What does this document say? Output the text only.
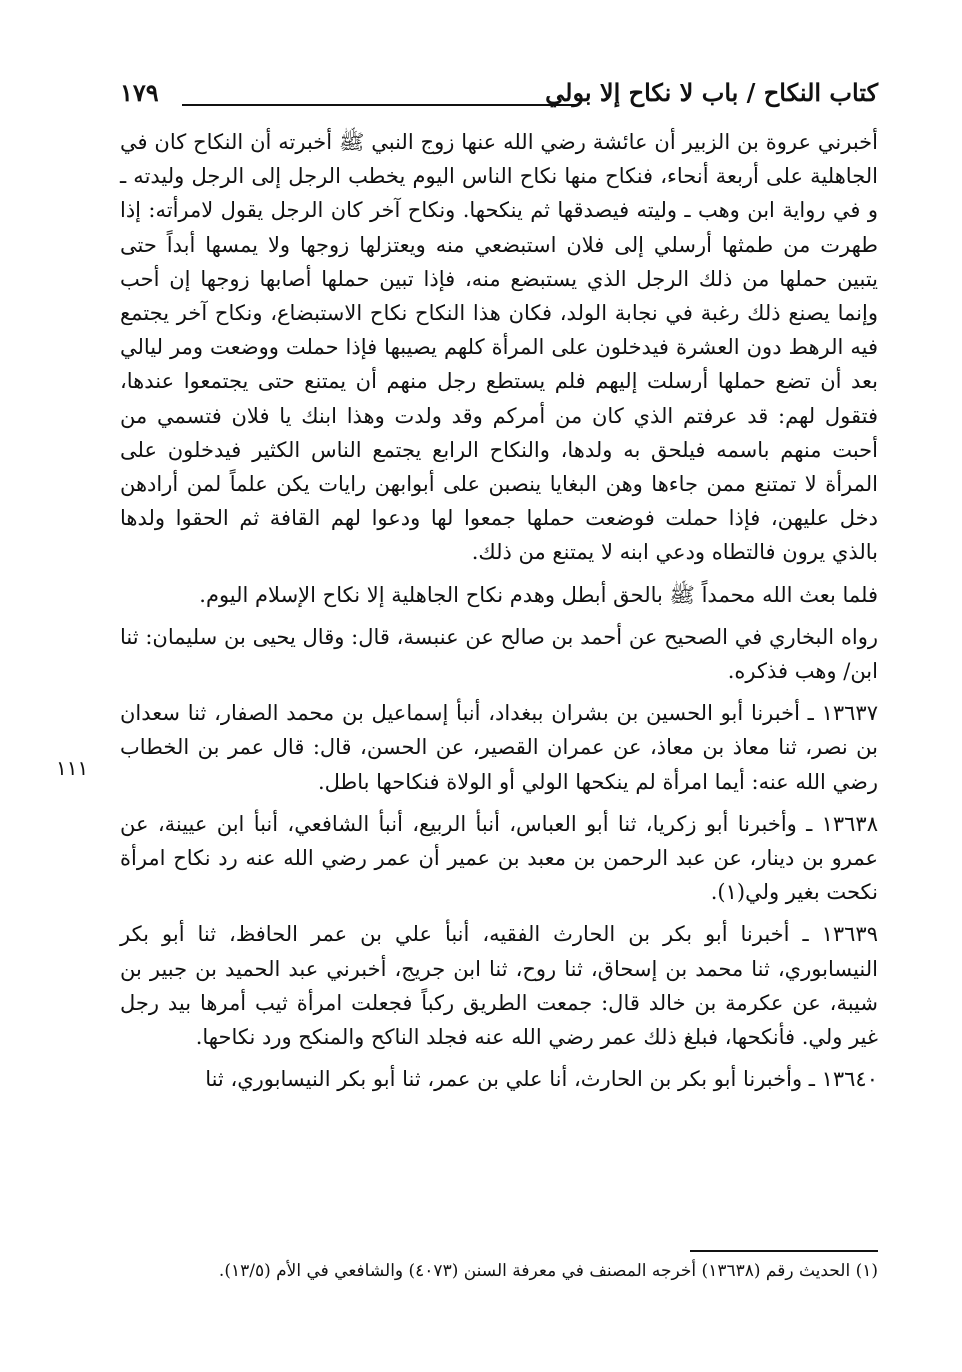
كتاب النكاح / باب لا نكاح إلا بولي
١٧٩
١١١

أخبرني عروة بن الزبير أن عائشة رضي الله عنها زوج النبي ﷺ أخبرته أن النكاح كان في الجاهلية على أربعة أنحاء، فنكاح منها نكاح الناس اليوم يخطب الرجل إلى الرجل وليدته ـ و في رواية ابن وهب ـ وليته فيصدقها ثم ينكحها. ونكاح آخر كان الرجل يقول لامرأته: إذا طهرت من طمثها أرسلي إلى فلان استبضعي منه ويعتزلها زوجها ولا يمسها أبداً حتى يتبين حملها من ذلك الرجل الذي يستبضع منه، فإذا تبين حملها أصابها زوجها إن أحب وإنما يصنع ذلك رغبة في نجابة الولد، فكان هذا النكاح نكاح الاستبضاع، ونكاح آخر يجتمع فيه الرهط دون العشرة فيدخلون على المرأة كلهم يصيبها فإذا حملت ووضعت ومر ليالي بعد أن تضع حملها أرسلت إليهم فلم يستطع رجل منهم أن يمتنع حتى يجتمعوا عندها، فتقول لهم: قد عرفتم الذي كان من أمركم وقد ولدت وهذا ابنك يا فلان فتسمي من أحبت منهم باسمه فيلحق به ولدها، والنكاح الرابع يجتمع الناس الكثير فيدخلون على المرأة لا تمتنع ممن جاءها وهن البغايا ينصبن على أبوابهن رايات يكن علماً لمن أرادهن دخل عليهن، فإذا حملت فوضعت حملها جمعوا لها ودعوا لهم القافة ثم الحقوا ولدها بالذي يرون فالتطاه ودعي ابنه لا يمتنع من ذلك.

فلما بعث الله محمداً ﷺ بالحق أبطل وهدم نكاح الجاهلية إلا نكاح الإسلام اليوم.

رواه البخاري في الصحيح عن أحمد بن صالح عن عنبسة، قال: وقال يحيى بن سليمان: ثنا ابن/ وهب فذكره.

١٣٦٣٧ ـ أخبرنا أبو الحسين بن بشران ببغداد، أنبأ إسماعيل بن محمد الصفار، ثنا سعدان بن نصر، ثنا معاذ بن معاذ، عن عمران القصير، عن الحسن، قال: قال عمر بن الخطاب رضي الله عنه: أيما امرأة لم ينكحها الولي أو الولاة فنكاحها باطل.

١٣٦٣٨ ـ وأخبرنا أبو زكريا، ثنا أبو العباس، أنبأ الربيع، أنبأ الشافعي، أنبأ ابن عيينة، عن عمرو بن دينار، عن عبد الرحمن بن معبد بن عمير أن عمر رضي الله عنه رد نكاح امرأة نكحت بغير ولي(١).

١٣٦٣٩ ـ أخبرنا أبو بكر بن الحارث الفقيه، أنبأ علي بن عمر الحافظ، ثنا أبو بكر النيسابوري، ثنا محمد بن إسحاق، ثنا روح، ثنا ابن جريج، أخبرني عبد الحميد بن جبير بن شيبة، عن عكرمة بن خالد قال: جمعت الطريق ركباً فجعلت امرأة ثيب أمرها بيد رجل غير ولي. فأنكحها، فبلغ ذلك عمر رضي الله عنه فجلد الناكح والمنكح ورد نكاحها.

١٣٦٤٠ ـ وأخبرنا أبو بكر بن الحارث، أنا علي بن عمر، ثنا أبو بكر النيسابوري، ثنا

(١) الحديث رقم (١٣٦٣٨) أخرجه المصنف في معرفة السنن (٤٠٧٣) والشافعي في الأم (١٣/٥).
